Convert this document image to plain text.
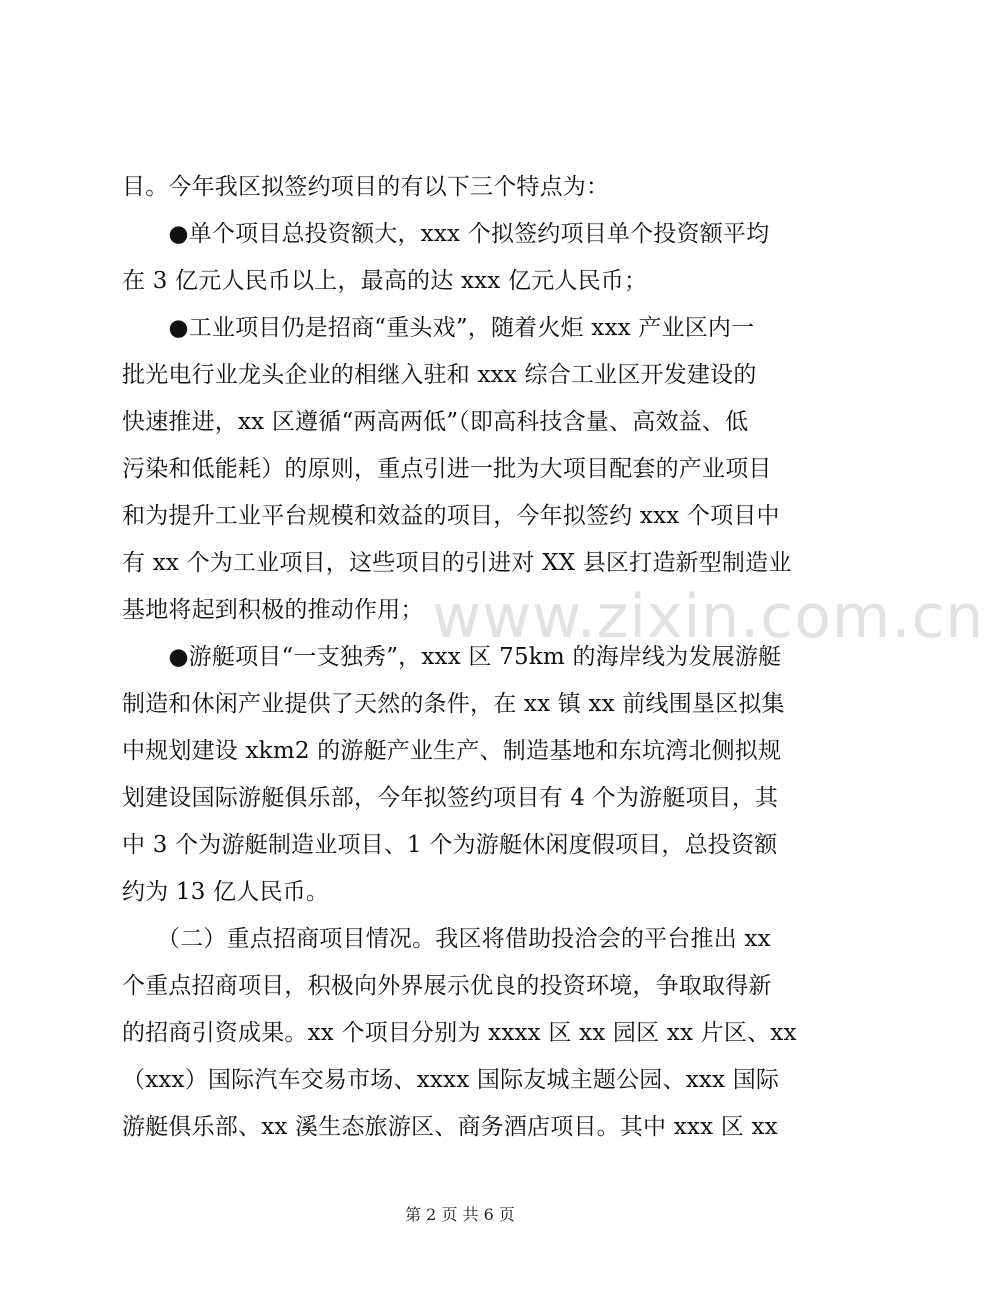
www.zixin.com.cn
目。今年我区拟签约项目的有以下三个特点为：
　　●单个项目总投资额大，xxx 个拟签约项目单个投资额平均
在 3 亿元人民币以上，最高的达 xxx 亿元人民币；
　　●工业项目仍是招商“重头戏”，随着火炬 xxx 产业区内一
批光电行业龙头企业的相继入驻和 xxx 综合工业区开发建设的
快速推进，xx 区遵循“两高两低”（即高科技含量、高效益、低
污染和低能耗）的原则，重点引进一批为大项目配套的产业项目
和为提升工业平台规模和效益的项目，今年拟签约 xxx 个项目中
有 xx 个为工业项目，这些项目的引进对 XX 县区打造新型制造业
基地将起到积极的推动作用；
　　●游艇项目“一支独秀”，xxx 区 75km 的海岸线为发展游艇
制造和休闲产业提供了天然的条件，在 xx 镇 xx 前线围垦区拟集
中规划建设 xkm2 的游艇产业生产、制造基地和东坑湾北侧拟规
划建设国际游艇俱乐部，今年拟签约项目有 4 个为游艇项目，其
中 3 个为游艇制造业项目、1 个为游艇休闲度假项目，总投资额
约为 13 亿人民币。
　　（二）重点招商项目情况。我区将借助投洽会的平台推出 xx
个重点招商项目，积极向外界展示优良的投资环境，争取取得新
的招商引资成果。xx 个项目分别为 xxxx 区 xx 园区 xx 片区、xx
（xxx）国际汽车交易市场、xxxx 国际友城主题公园、xxx 国际
游艇俱乐部、xx 溪生态旅游区、商务酒店项目。其中 xxx 区 xx
第 2 页 共 6 页
